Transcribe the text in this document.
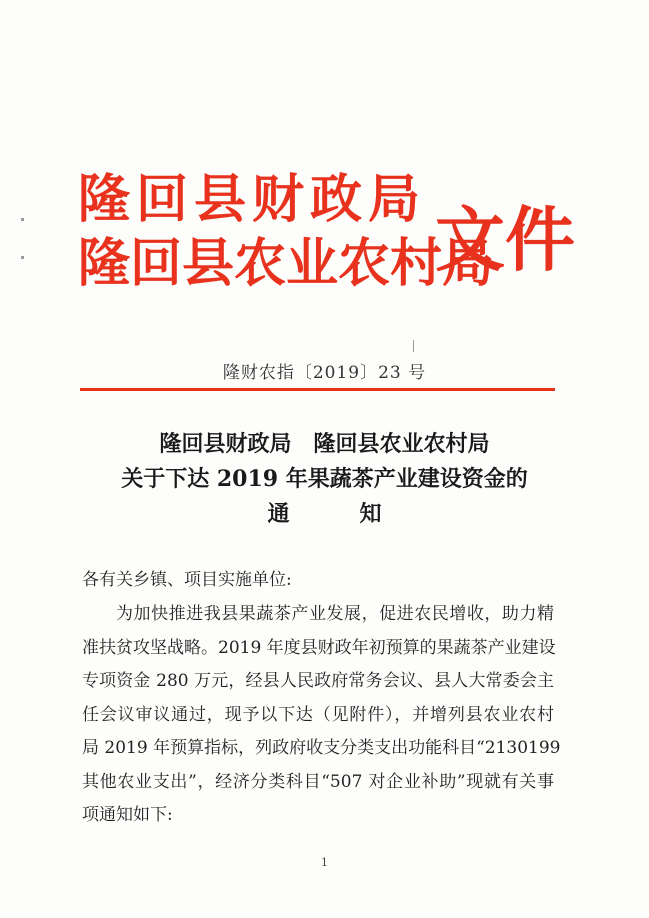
隆回县财政局
隆回县农业农村局
文件
隆财农指〔2019〕23 号
隆回县财政局　隆回县农业农村局
关于下达 2019 年果蔬茶产业建设资金的
通知
各有关乡镇、项目实施单位:
为加快推进我县果蔬茶产业发展，促进农民增收，助力精
准扶贫攻坚战略。2019 年度县财政年初预算的果蔬茶产业建设
专项资金 280 万元，经县人民政府常务会议、县人大常委会主
任会议审议通过，现予以下达（见附件），并增列县农业农村
局 2019 年预算指标，列政府收支分类支出功能科目“2130199
其他农业支出”，经济分类科目“507 对企业补助”现就有关事
项通知如下:
1
